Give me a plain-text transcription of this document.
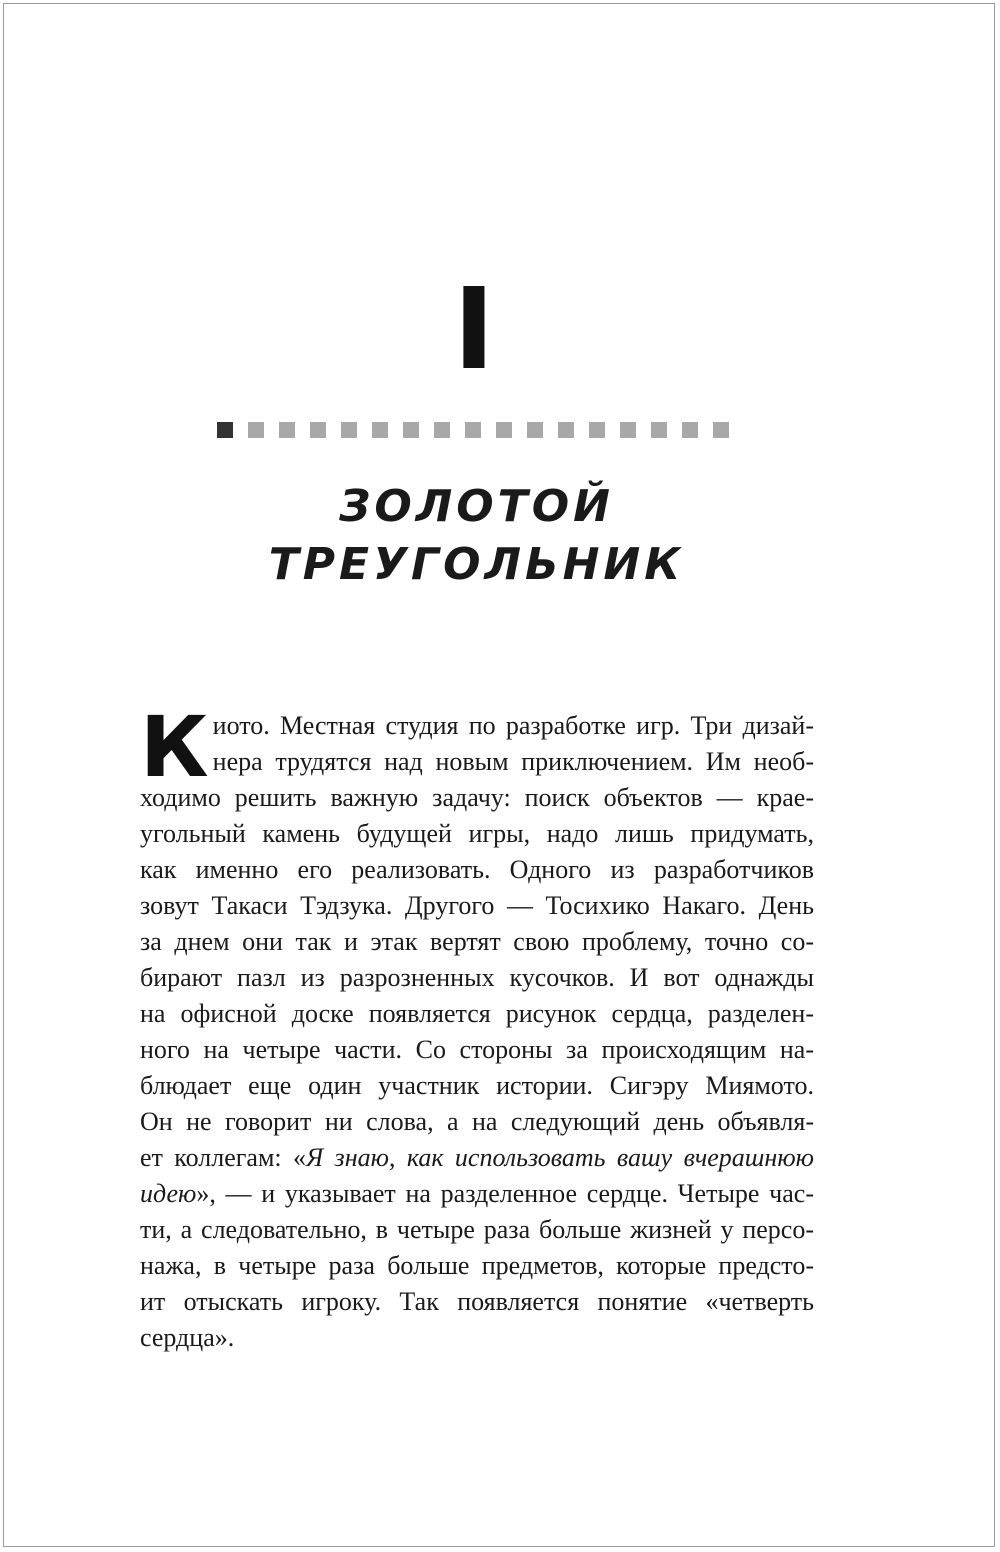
I
ЗОЛОТОЙ
ТРЕУГОЛЬНИК
К иото. Местная студия по разработке игр. Три дизай-
нера трудятся над новым приключением. Им необ-
ходимо решить важную задачу: поиск объектов — крае-
угольный камень будущей игры, надо лишь придумать,
как именно его реализовать. Одного из разработчиков
зовут Такаси Тэдзука. Другого — Тосихико Накаго. День
за днем они так и этак вертят свою проблему, точно со-
бирают пазл из разрозненных кусочков. И вот однажды
на офисной доске появляется рисунок сердца, разделен-
ного на четыре части. Со стороны за происходящим на-
блюдает еще один участник истории. Сигэру Миямото.
Он не говорит ни слова, а на следующий день объявля-
ет коллегам: «Я знаю, как использовать вашу вчерашнюю
идею», — и указывает на разделенное сердце. Четыре час-
ти, а следовательно, в четыре раза больше жизней у персо-
нажа, в четыре раза больше предметов, которые предсто-
ит отыскать игроку. Так появляется понятие «четверть
сердца».
